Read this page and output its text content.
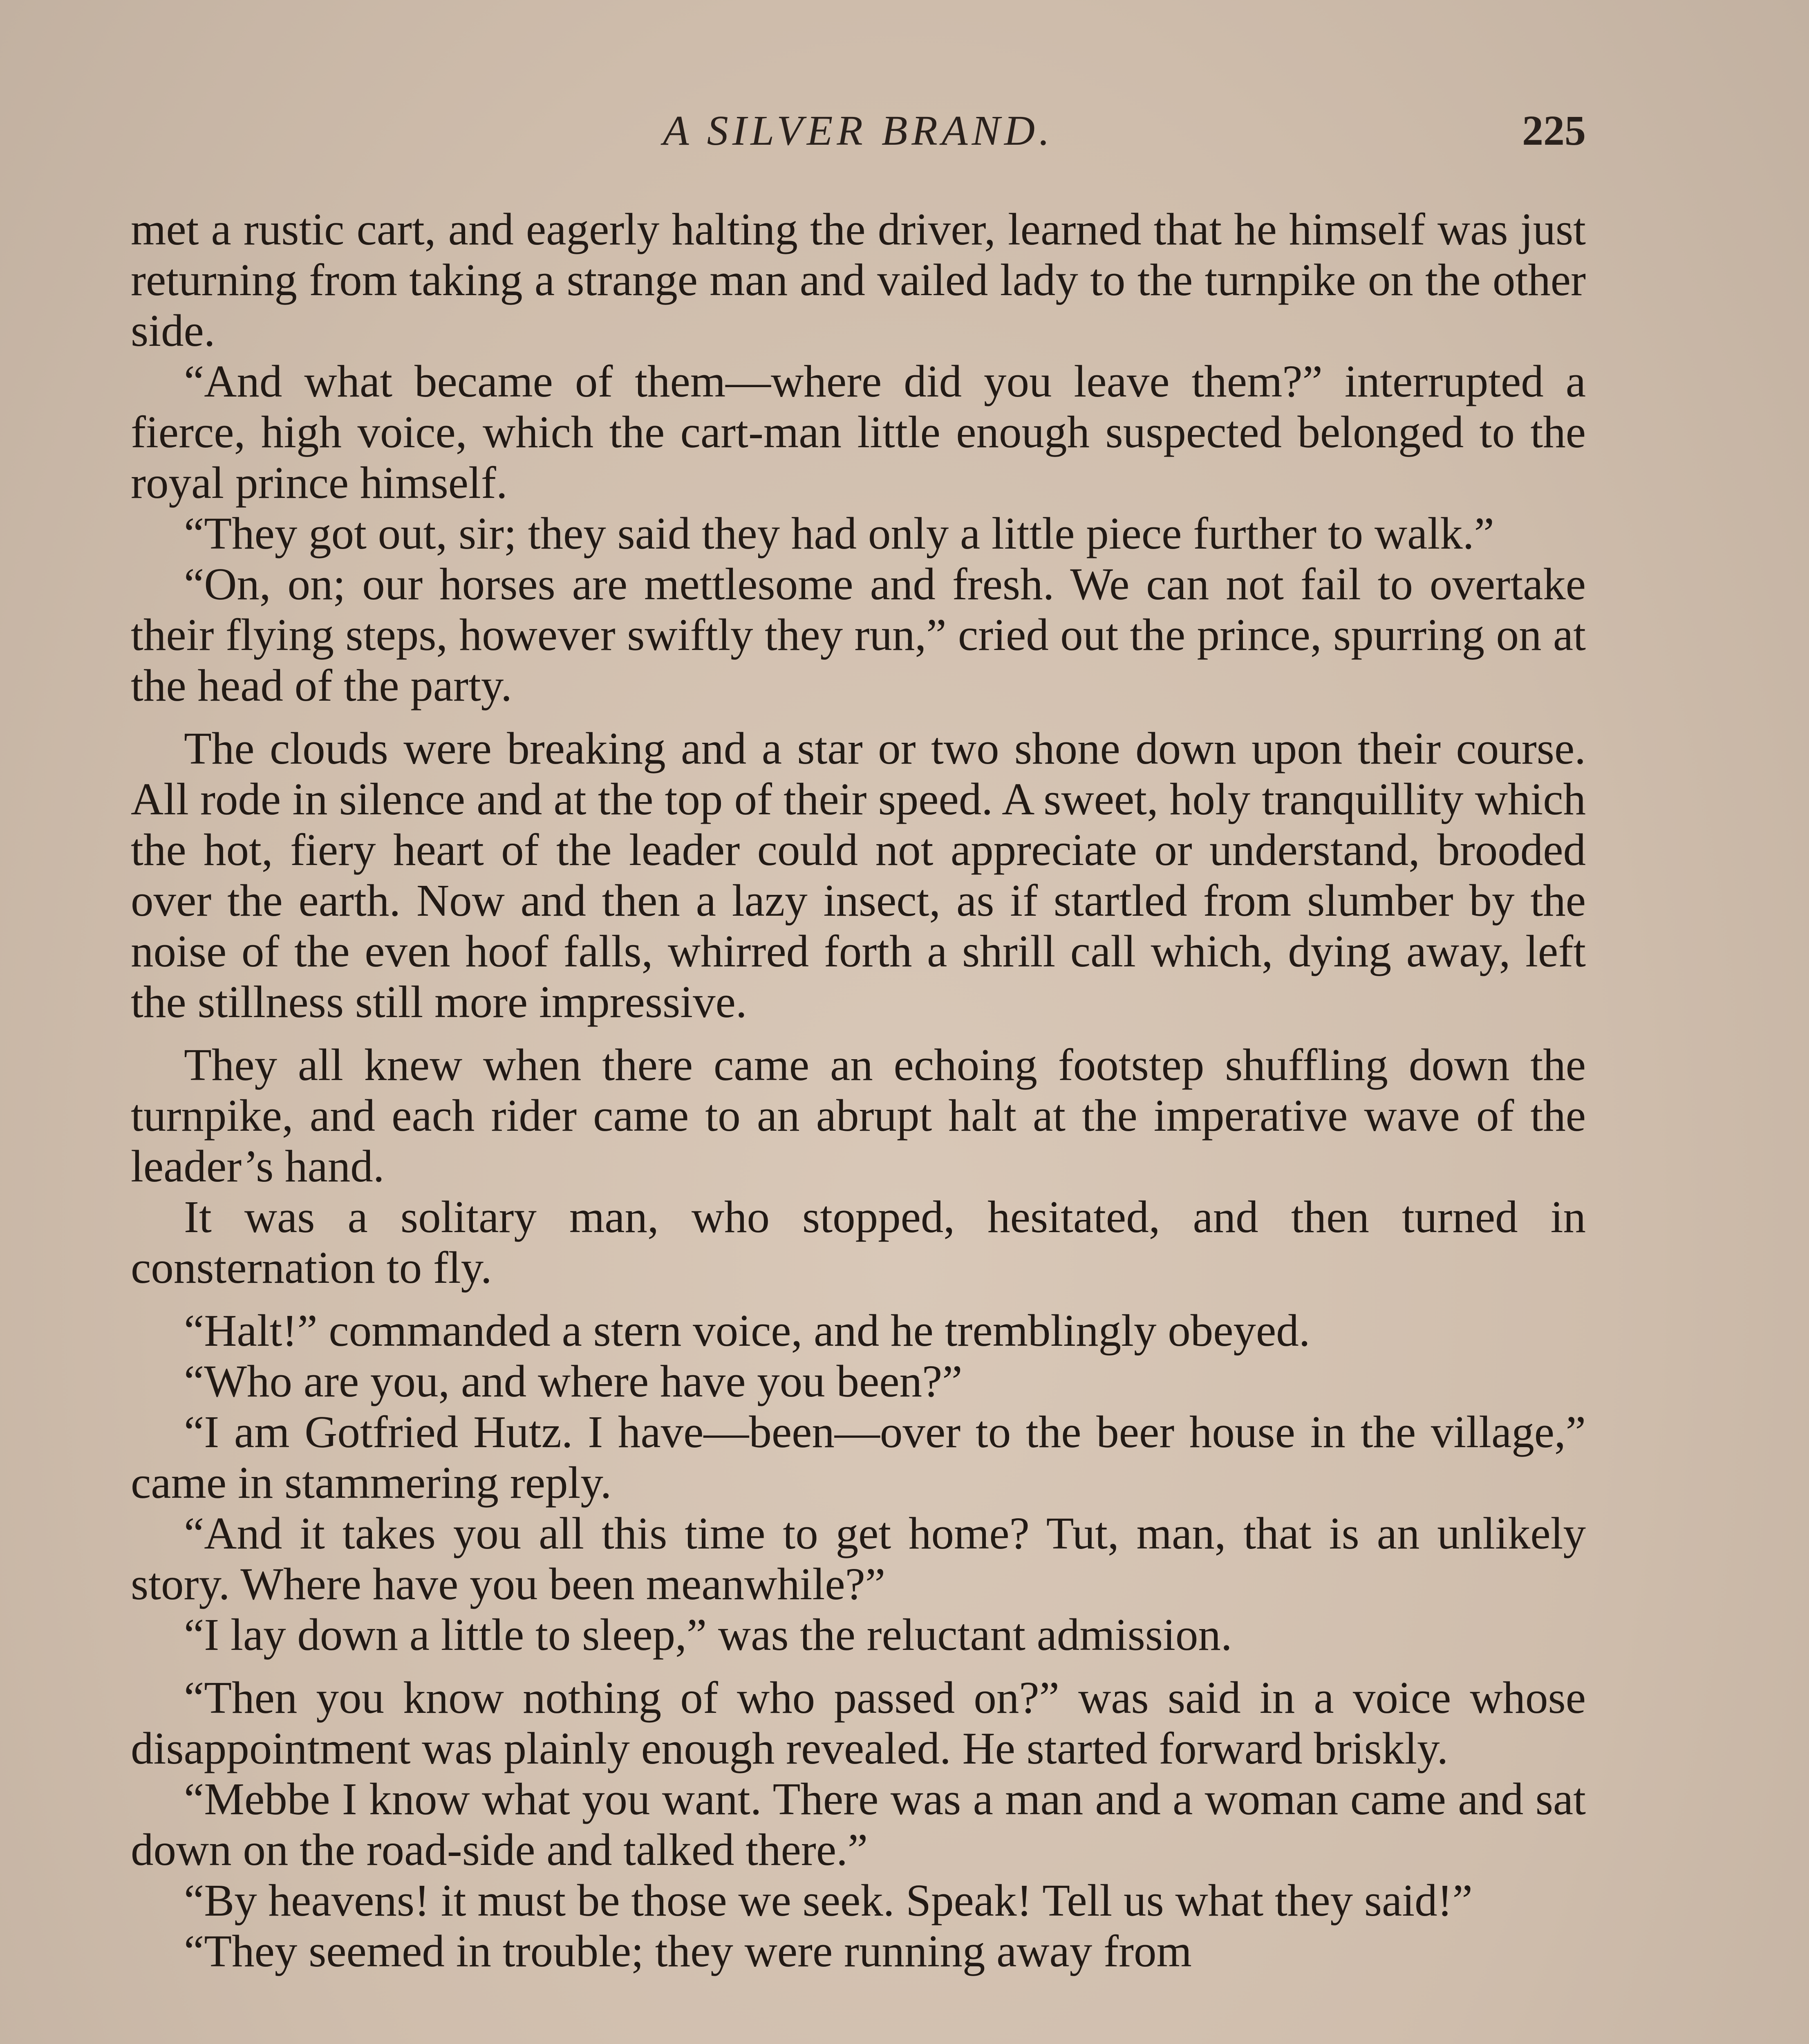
A SILVER BRAND.	225

met a rustic cart, and eagerly halting the driver, learned that he himself was just returning from taking a strange man and vailed lady to the turnpike on the other side.

“And what became of them—where did you leave them?” interrupted a fierce, high voice, which the cart-man little enough suspected belonged to the royal prince himself.

“They got out, sir; they said they had only a little piece further to walk.”

“On, on; our horses are mettlesome and fresh. We can not fail to overtake their flying steps, however swiftly they run,” cried out the prince, spurring on at the head of the party.

The clouds were breaking and a star or two shone down upon their course. All rode in silence and at the top of their speed. A sweet, holy tranquillity which the hot, fiery heart of the leader could not appreciate or understand, brooded over the earth. Now and then a lazy insect, as if startled from slumber by the noise of the even hoof falls, whirred forth a shrill call which, dying away, left the stillness still more impressive.

They all knew when there came an echoing footstep shuffling down the turnpike, and each rider came to an abrupt halt at the imperative wave of the leader’s hand.

It was a solitary man, who stopped, hesitated, and then turned in consternation to fly.

“Halt!” commanded a stern voice, and he tremblingly obeyed.

“Who are you, and where have you been?”

“I am Gotfried Hutz. I have—been—over to the beer house in the village,” came in stammering reply.

“And it takes you all this time to get home? Tut, man, that is an unlikely story. Where have you been meanwhile?”

“I lay down a little to sleep,” was the reluctant admission.

“Then you know nothing of who passed on?” was said in a voice whose disappointment was plainly enough revealed. He started forward briskly.

“Mebbe I know what you want. There was a man and a woman came and sat down on the road-side and talked there.”

“By heavens! it must be those we seek. Speak! Tell us what they said!”

“They seemed in trouble; they were running away from
